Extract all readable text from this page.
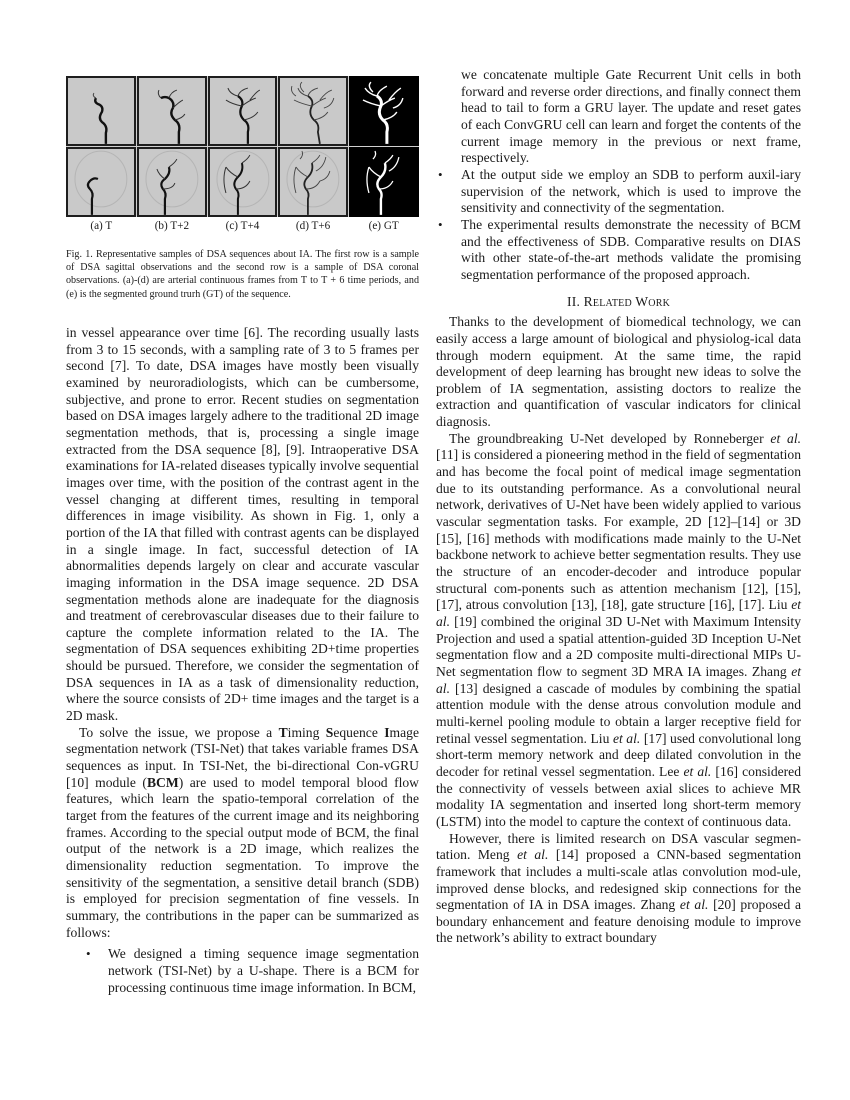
(a) T	(b) T+2	(c) T+4	(d) T+6	(e) GT
Fig. 1. Representative samples of DSA sequences about IA. The first row is a sample of DSA sagittal observations and the second row is a sample of DSA coronal observations. (a)-(d) are arterial continuous frames from T to T + 6 time periods, and (e) is the segmented ground trurh (GT) of the sequence.

in vessel appearance over time [6]. The recording usually lasts from 3 to 15 seconds, with a sampling rate of 3 to 5 frames per second [7]. To date, DSA images have mostly been visually examined by neuroradiologists, which can be cumbersome, subjective, and prone to error. Recent studies on segmentation based on DSA images largely adhere to the traditional 2D image segmentation methods, that is, processing a single image extracted from the DSA sequence [8], [9]. Intraoperative DSA examinations for IA-related diseases typically involve sequential images over time, with the position of the contrast agent in the vessel changing at different times, resulting in temporal differences in image visibility. As shown in Fig. 1, only a portion of the IA that filled with contrast agents can be displayed in a single image. In fact, successful detection of IA abnormalities depends largely on clear and accurate vascular imaging information in the DSA image sequence. 2D DSA segmentation methods alone are inadequate for the diagnosis and treatment of cerebrovascular diseases due to their failure to capture the complete information related to the IA. The segmentation of DSA sequences exhibiting 2D+time properties should be pursued. Therefore, we consider the segmentation of DSA sequences in IA as a task of dimensionality reduction, where the source consists of 2D+ time images and the target is a 2D mask.

To solve the issue, we propose a Timing Sequence Image segmentation network (TSI-Net) that takes variable frames DSA sequences as input. In TSI-Net, the bi-directional Con-vGRU [10] module (BCM) are used to model temporal blood flow features, which learn the spatio-temporal correlation of the target from the features of the current image and its neighboring frames. According to the special output mode of BCM, the final output of the network is a 2D image, which realizes the dimensionality reduction segmentation. To improve the sensitivity of the segmentation, a sensitive detail branch (SDB) is employed for precision segmentation of fine vessels. In summary, the contributions in the paper can be summarized as follows:

• We designed a timing sequence image segmentation network (TSI-Net) by a U-shape. There is a BCM for processing continuous time image information. In BCM,

we concatenate multiple Gate Recurrent Unit cells in both forward and reverse order directions, and finally connect them head to tail to form a GRU layer. The update and reset gates of each ConvGRU cell can learn and forget the contents of the current image memory in the previous or next frame, respectively.

• At the output side we employ an SDB to perform auxil-iary supervision of the network, which is used to improve the sensitivity and connectivity of the segmentation.
• The experimental results demonstrate the necessity of BCM and the effectiveness of SDB. Comparative results on DIAS with other state-of-the-art methods validate the promising segmentation performance of the proposed approach.
II. Related Work

Thanks to the development of biomedical technology, we can easily access a large amount of biological and physiolog-ical data through modern equipment. At the same time, the rapid development of deep learning has brought new ideas to solve the problem of IA segmentation, assisting doctors to realize the extraction and quantification of vascular indicators for clinical diagnosis.

The groundbreaking U-Net developed by Ronneberger et al. [11] is considered a pioneering method in the field of segmentation and has become the focal point of medical image segmentation due to its outstanding performance. As a convolutional neural network, derivatives of U-Net have been widely applied to various vascular segmentation tasks. For example, 2D [12]–[14] or 3D [15], [16] methods with modifications made mainly to the U-Net backbone network to achieve better segmentation results. They use the structure of an encoder-decoder and introduce popular structural com-ponents such as attention mechanism [12], [15], [17], atrous convolution [13], [18], gate structure [16], [17]. Liu et al. [19] combined the original 3D U-Net with Maximum Intensity Projection and used a spatial attention-guided 3D Inception U-Net segmentation flow and a 2D composite multi-directional MIPs U-Net segmentation flow to segment 3D MRA IA images. Zhang et al. [13] designed a cascade of modules by combining the spatial attention module with the dense atrous convolution module and multi-kernel pooling module to obtain a larger receptive field for retinal vessel segmentation. Liu et al. [17] used convolutional long short-term memory network and deep dilated convolution in the decoder for retinal vessel segmentation. Lee et al. [16] considered the connectivity of vessels between axial slices to achieve MR modality IA segmentation and inserted long short-term memory (LSTM) into the model to capture the context of continuous data.

However, there is limited research on DSA vascular segmen-tation. Meng et al. [14] proposed a CNN-based segmentation framework that includes a multi-scale atlas convolution mod-ule, improved dense blocks, and redesigned skip connections for the segmentation of IA in DSA images. Zhang et al. [20] proposed a boundary enhancement and feature denoising module to improve the network’s ability to extract boundary
